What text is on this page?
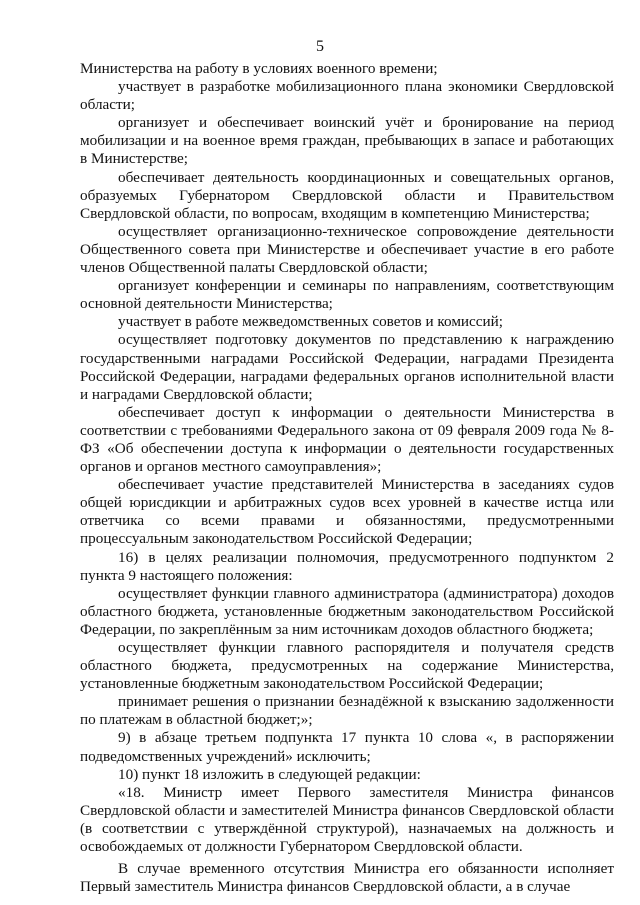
5

Министерства на работу в условиях военного времени;

участвует в разработке мобилизационного плана экономики Свердловской области;

организует и обеспечивает воинский учёт и бронирование на период мобилизации и на военное время граждан, пребывающих в запасе и работающих в Министерстве;

обеспечивает деятельность координационных и совещательных органов, образуемых Губернатором Свердловской области и Правительством Свердловской области, по вопросам, входящим в компетенцию Министерства;

осуществляет организационно-техническое сопровождение деятельности Общественного совета при Министерстве и обеспечивает участие в его работе членов Общественной палаты Свердловской области;

организует конференции и семинары по направлениям, соответствующим основной деятельности Министерства;

участвует в работе межведомственных советов и комиссий;

осуществляет подготовку документов по представлению к награждению государственными наградами Российской Федерации, наградами Президента Российской Федерации, наградами федеральных органов исполнительной власти и наградами Свердловской области;

обеспечивает доступ к информации о деятельности Министерства в соответствии с требованиями Федерального закона от 09 февраля 2009 года № 8-ФЗ «Об обеспечении доступа к информации о деятельности государственных органов и органов местного самоуправления»;

обеспечивает участие представителей Министерства в заседаниях судов общей юрисдикции и арбитражных судов всех уровней в качестве истца или ответчика со всеми правами и обязанностями, предусмотренными процессуальным законодательством Российской Федерации;

16) в целях реализации полномочия, предусмотренного подпунктом 2 пункта 9 настоящего положения:

осуществляет функции главного администратора (администратора) доходов областного бюджета, установленные бюджетным законодательством Российской Федерации, по закреплённым за ним источникам доходов областного бюджета;

осуществляет функции главного распорядителя и получателя средств областного бюджета, предусмотренных на содержание Министерства, установленные бюджетным законодательством Российской Федерации;

принимает решения о признании безнадёжной к взысканию задолженности по платежам в областной бюджет;»;

9) в абзаце третьем подпункта 17 пункта 10 слова «, в распоряжении подведомственных учреждений» исключить;

10) пункт 18 изложить в следующей редакции:

«18. Министр имеет Первого заместителя Министра финансов Свердловской области и заместителей Министра финансов Свердловской области (в соответствии с утверждённой структурой), назначаемых на должность и освобождаемых от должности Губернатором Свердловской области.

В случае временного отсутствия Министра его обязанности исполняет Первый заместитель Министра финансов Свердловской области, а в случае
